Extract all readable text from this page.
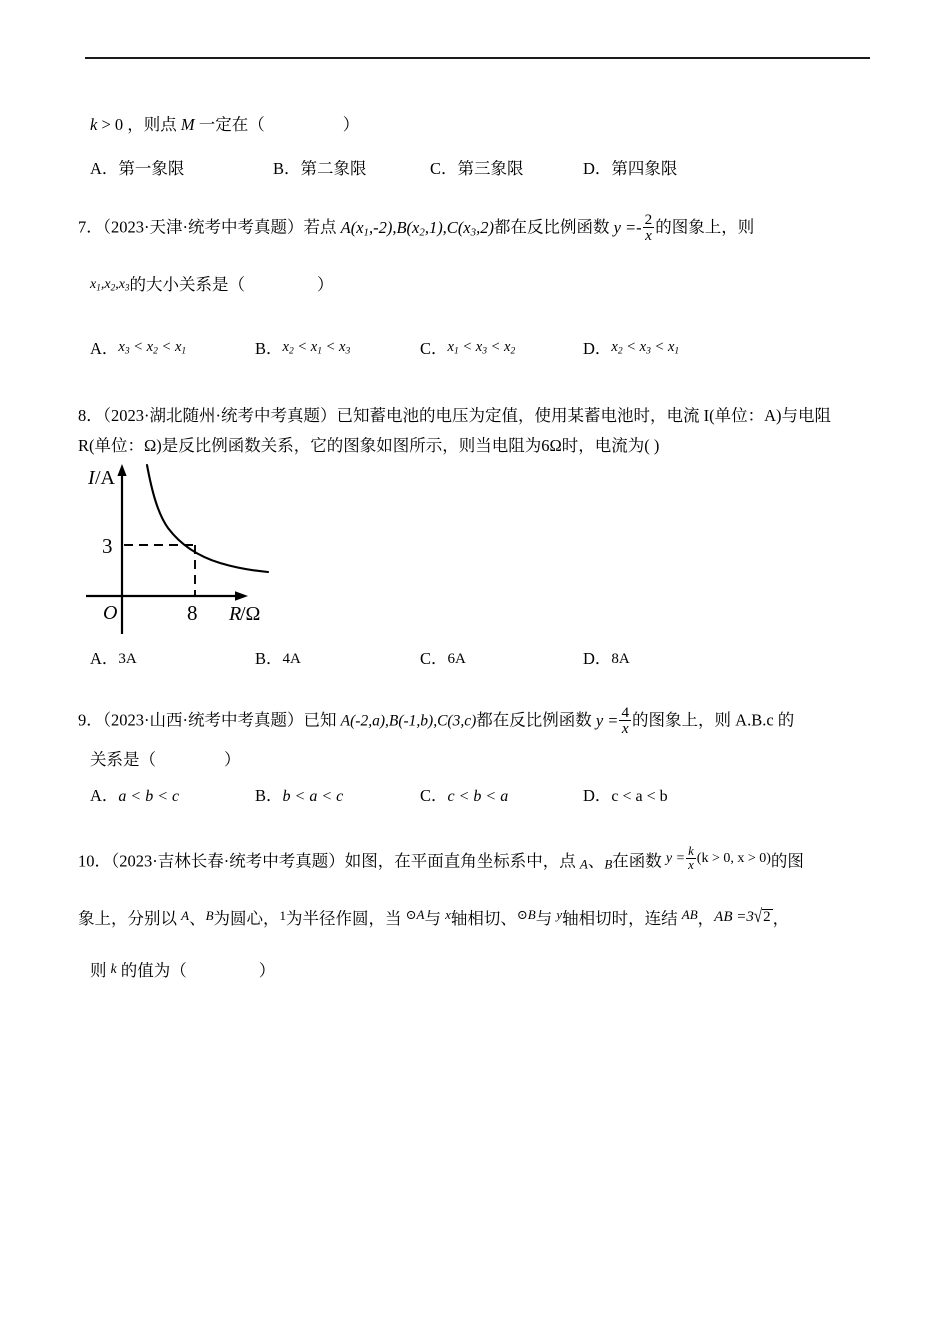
k > 0 ，则点 M 一定在（	）
A．第一象限	B．第二象限	C．第三象限	D．第四象限
7．（2023·天津·统考中考真题）若点 $A(x_1,-2),B(x_2,1),C(x_3,2)$都在反比例函数 $y =- \frac{2}{x}$ 的图象上，则
$x_1,x_2,x_3$的大小关系是（	）
A．$x_3 < x_2 < x_1$	B．$x_2 < x_1 < x_3$	C．$x_1 < x_3 < x_2$	D．$x_2 < x_3 < x_1$
8．（2023·湖北随州·统考中考真题）已知蓄电池的电压为定值，使用某蓄电池时，电流 I(单位：A)与电阻
R(单位：Ω)是反比例函数关系，它的图象如图所示，则当电阻为6Ω时，电流为( )
I /A
3
O	8 R
/Ω
A．3A	B．4A	C．6A	D．8A
9．（2023·山西·统考中考真题）已知 A(-2,a),B(-1,b),C(3,c)都在反比例函数 $y = \frac{4}{x}$ 的图象上，则 A.B.c 的
关系是（	）
A．a < b < c	B．b < a < c	C．c < b < a	D．c < a < b
10．（2023·吉林长春·统考中考真题）如图，在平面直角坐标系中，点 A、B在函数 $^{y = \frac{k}{x} (k > 0, x > 0)}$的图
象上，分别以 $^A$、$^B$为圆心，$^1$为半径作圆，当 $^{⊙A}$与 $^x$轴相切、$^{⊙B}$与 $^y$轴相切时，连结 $^{AB}$，AB =3√2 ，
则 k 的值为（	）
